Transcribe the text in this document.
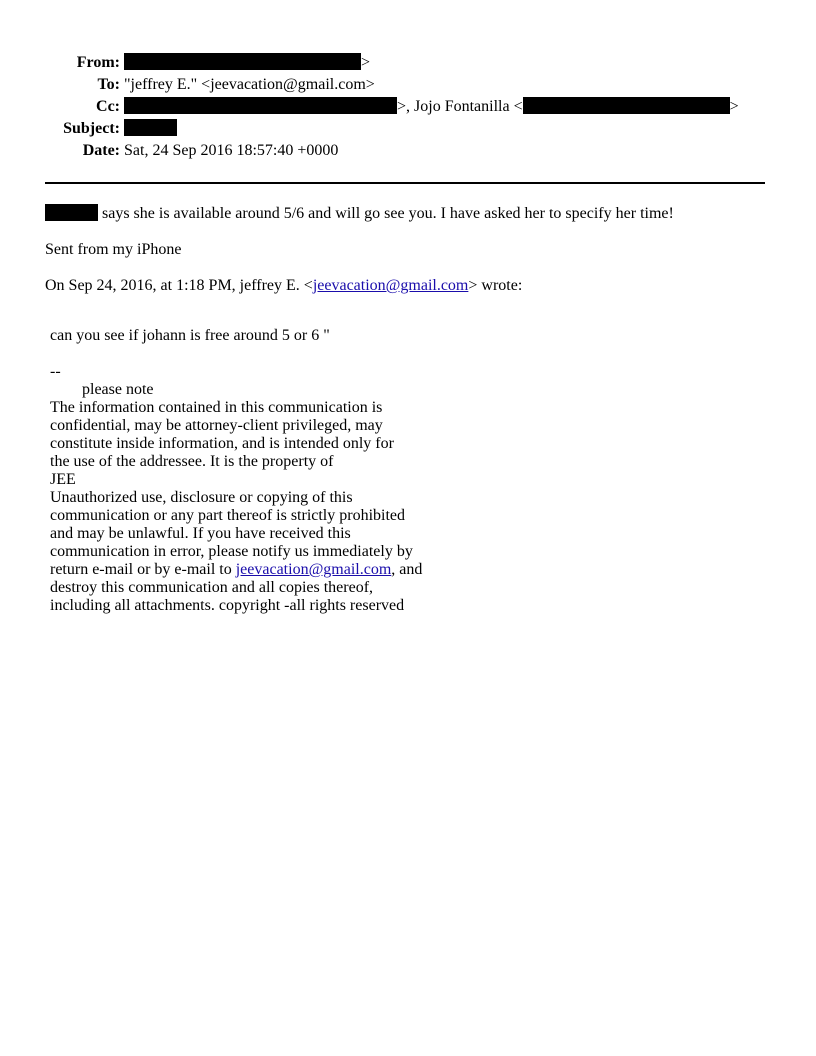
From:	>
To: "jeffrey E." <jeevacation@gmail.com>
Cc:	>, Jojo Fontanilla <	>
Subject:
Date: Sat, 24 Sep 2016 18:57:40 +0000
says she is available around 5/6 and will go see you. I have asked her to specify her time!
Sent from my iPhone
On Sep 24, 2016, at 1:18 PM, jeffrey E. <jeevacation@gmail.com> wrote:
can you see if johann is free around 5 or 6 "
--
please note
The information contained in this communication is
confidential, may be attorney-client privileged, may
constitute inside information, and is intended only for
the use of the addressee. It is the property of
JEE
Unauthorized use, disclosure or copying of this
communication or any part thereof is strictly prohibited
and may be unlawful. If you have received this
communication in error, please notify us immediately by
return e-mail or by e-mail to jeevacation@gmail.com, and
destroy this communication and all copies thereof,
including all attachments. copyright -all rights reserved
